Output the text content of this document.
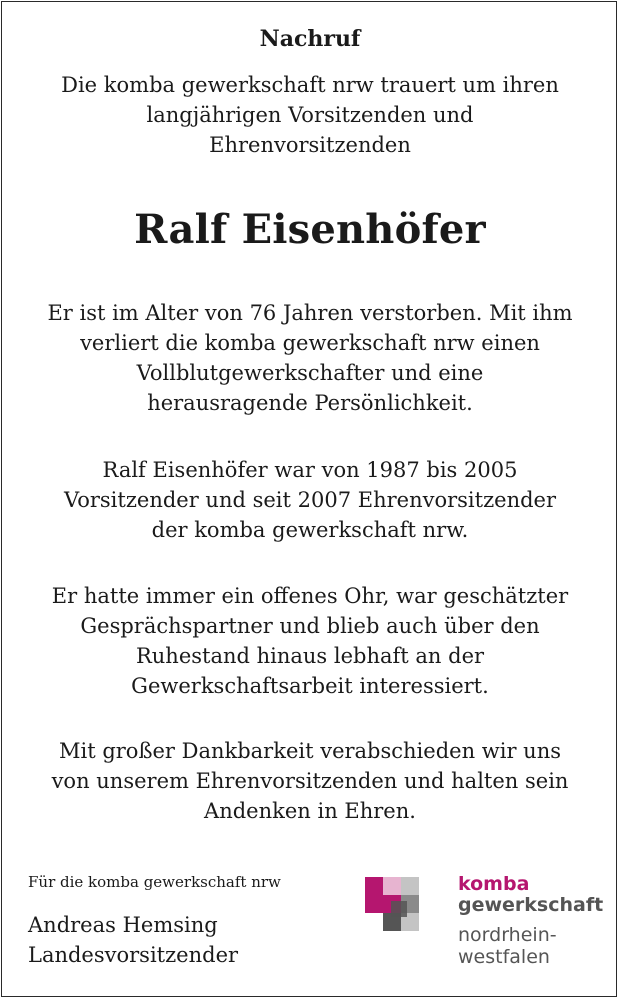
Nachruf
Die komba gewerkschaft nrw trauert um ihren
langjährigen Vorsitzenden und
Ehrenvorsitzenden
Ralf Eisenhöfer
Er ist im Alter von 76 Jahren verstorben. Mit ihm
verliert die komba gewerkschaft nrw einen
Vollblutgewerkschafter und eine
herausragende Persönlichkeit.
Ralf Eisenhöfer war von 1987 bis 2005
Vorsitzender und seit 2007 Ehrenvorsitzender
der komba gewerkschaft nrw.
Er hatte immer ein offenes Ohr, war geschätzter
Gesprächspartner und blieb auch über den
Ruhestand hinaus lebhaft an der
Gewerkschaftsarbeit interessiert.
Mit großer Dankbarkeit verabschieden wir uns
von unserem Ehrenvorsitzenden und halten sein
Andenken in Ehren.
Für die komba gewerkschaft nrw
Andreas Hemsing
Landesvorsitzender
komba
gewerkschaft
nordrhein-
westfalen
